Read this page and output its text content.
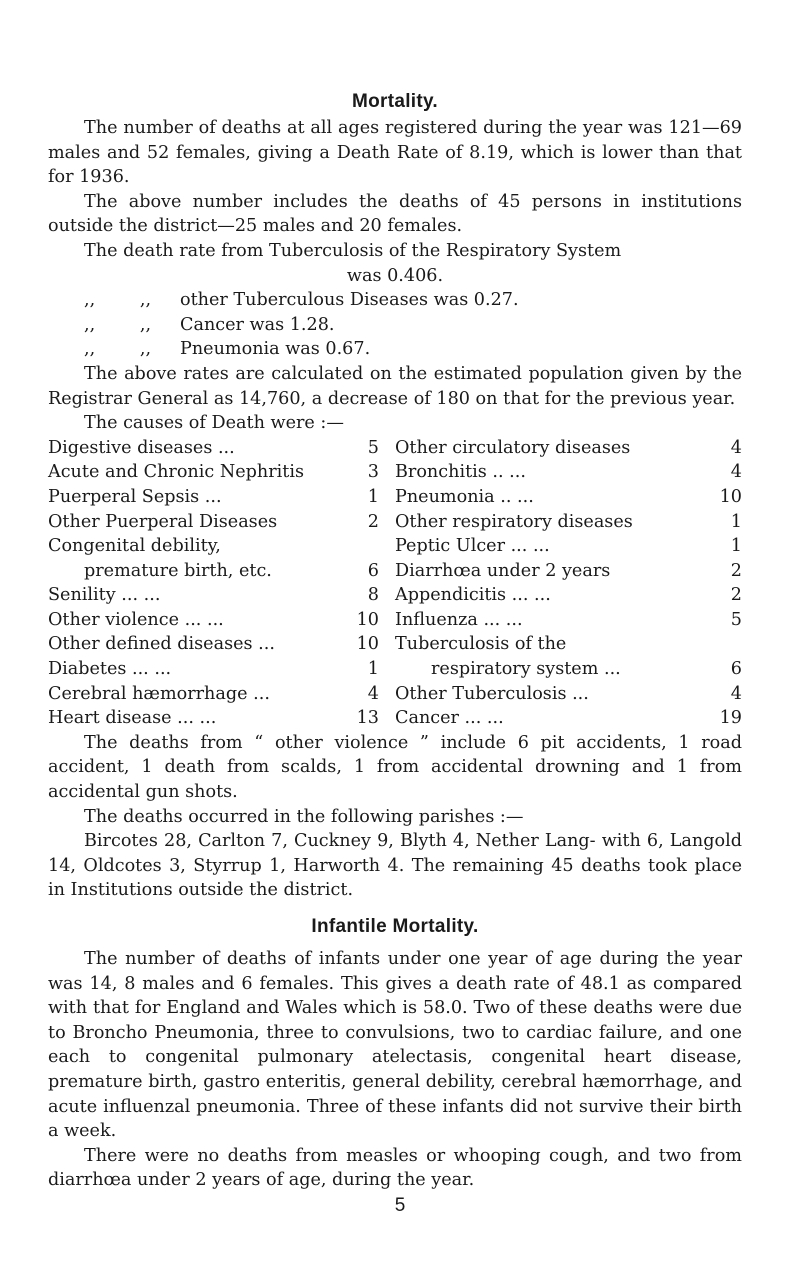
Mortality.

The number of deaths at all ages registered during the year was 121—69 males and 52 females, giving a Death Rate of 8.19, which is lower than that for 1936.

The above number includes the deaths of 45 persons in institutions outside the district—25 males and 20 females.

The death rate from Tuberculosis of the Respiratory System

was 0.406.

,,        ,, other Tuberculous Diseases was 0.27.
,,        ,, Cancer was 1.28.
,,        ,, Pneumonia was 0.67.

The above rates are calculated on the estimated population given by the Registrar General as 14,760, a decrease of 180 on that for the previous year.

The causes of Death were :—

Digestive diseases ...	5
Acute and Chronic Nephritis	3
Puerperal Sepsis ...	1
Other Puerperal Diseases	2
Congenital debility,
premature birth, etc.	6
Senility ... ...	8
Other violence ... ...	10
Other defined diseases ...	10
Diabetes ... ...	1
Cerebral hæmorrhage ...	4
Heart disease ... ...	13
Other circulatory diseases	4
Bronchitis .. ...	4
Pneumonia .. ...	10
Other respiratory diseases	1
Peptic Ulcer ... ...	1
Diarrhœa under 2 years	2
Appendicitis ... ...	2
Influenza ... ...	5
Tuberculosis of the
respiratory system ...	6
Other Tuberculosis ...	4
Cancer ... ...	19

The deaths from “ other violence ” include 6 pit accidents, 1 road accident, 1 death from scalds, 1 from accidental drowning and 1 from accidental gun shots.

The deaths occurred in the following parishes :—

Bircotes 28, Carlton 7, Cuckney 9, Blyth 4, Nether Lang- with 6, Langold 14, Oldcotes 3, Styrrup 1, Harworth 4. The remaining 45 deaths took place in Institutions outside the district.

Infantile Mortality.

The number of deaths of infants under one year of age during the year was 14, 8 males and 6 females. This gives a death rate of 48.1 as compared with that for England and Wales which is 58.0. Two of these deaths were due to Broncho Pneumonia, three to convulsions, two to cardiac failure, and one each to congenital pulmonary atelectasis, congenital heart disease, premature birth, gastro enteritis, general debility, cerebral hæmorrhage, and acute influenzal pneumonia. Three of these infants did not survive their birth a week.

There were no deaths from measles or whooping cough, and two from diarrhœa under 2 years of age, during the year.

5
